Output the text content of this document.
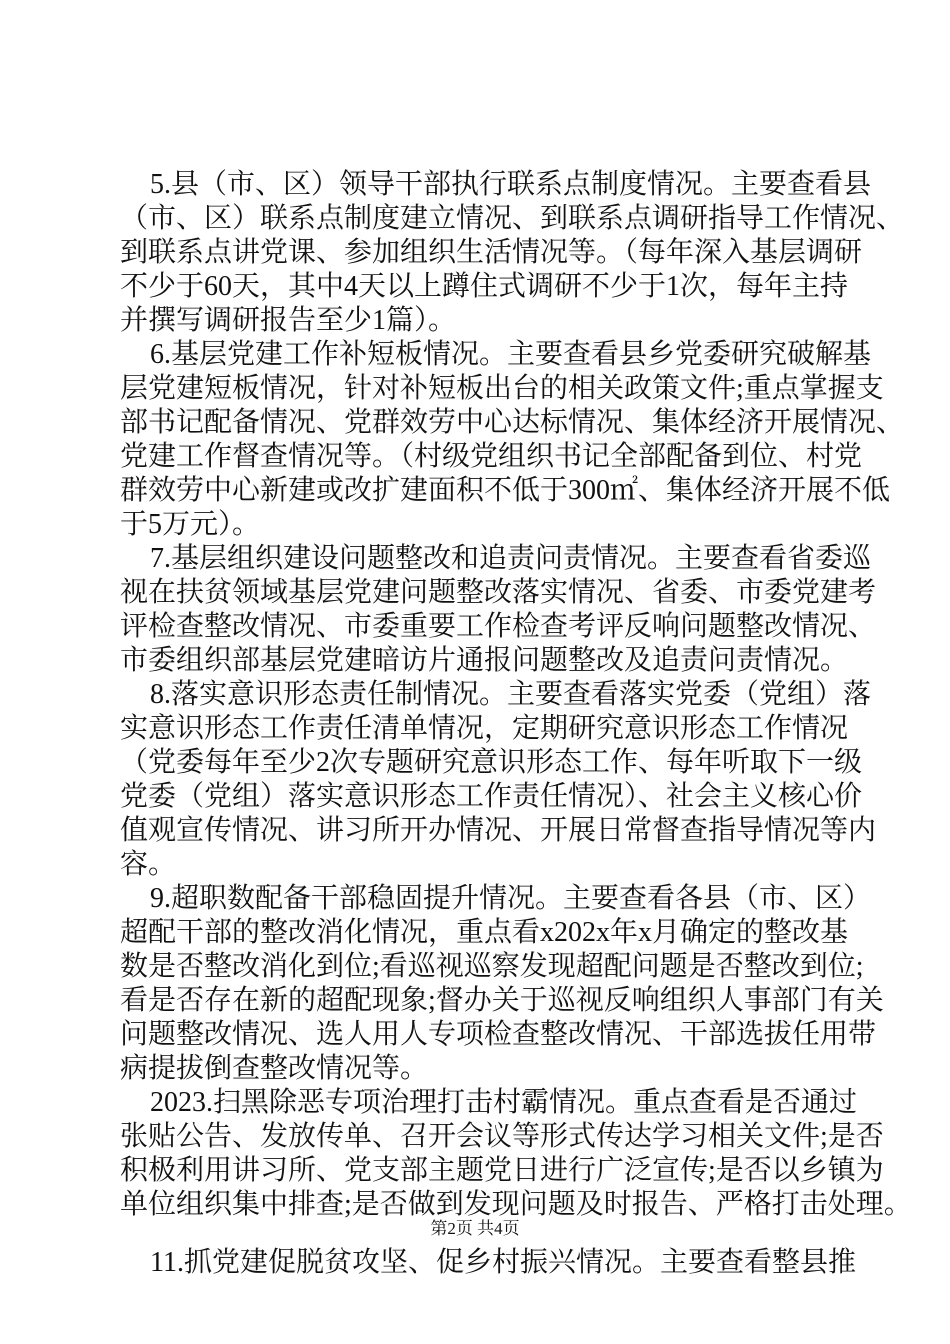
5.县（市、区）领导干部执行联系点制度情况。主要查看县
（市、区）联系点制度建立情况、到联系点调研指导工作情况、
到联系点讲党课、参加组织生活情况等。（每年深入基层调研
不少于60天，其中4天以上蹲住式调研不少于1次，每年主持
并撰写调研报告至少1篇）。
6.基层党建工作补短板情况。主要查看县乡党委研究破解基
层党建短板情况，针对补短板出台的相关政策文件;重点掌握支
部书记配备情况、党群效劳中心达标情况、集体经济开展情况、
党建工作督查情况等。（村级党组织书记全部配备到位、村党
群效劳中心新建或改扩建面积不低于300㎡、集体经济开展不低
于5万元）。
7.基层组织建设问题整改和追责问责情况。主要查看省委巡
视在扶贫领域基层党建问题整改落实情况、省委、市委党建考
评检查整改情况、市委重要工作检查考评反响问题整改情况、
市委组织部基层党建暗访片通报问题整改及追责问责情况。
8.落实意识形态责任制情况。主要查看落实党委（党组）落
实意识形态工作责任清单情况，定期研究意识形态工作情况
（党委每年至少2次专题研究意识形态工作、每年听取下一级
党委（党组）落实意识形态工作责任情况）、社会主义核心价
值观宣传情况、讲习所开办情况、开展日常督查指导情况等内
容。
9.超职数配备干部稳固提升情况。主要查看各县（市、区）
超配干部的整改消化情况，重点看x202x年x月确定的整改基
数是否整改消化到位;看巡视巡察发现超配问题是否整改到位;
看是否存在新的超配现象;督办关于巡视反响组织人事部门有关
问题整改情况、选人用人专项检查整改情况、干部选拔任用带
病提拔倒查整改情况等。
2023.扫黑除恶专项治理打击村霸情况。重点查看是否通过
张贴公告、发放传单、召开会议等形式传达学习相关文件;是否
积极利用讲习所、党支部主题党日进行广泛宣传;是否以乡镇为
单位组织集中排查;是否做到发现问题及时报告、严格打击处理。
11.抓党建促脱贫攻坚、促乡村振兴情况。主要查看整县推
第2页 共4页
